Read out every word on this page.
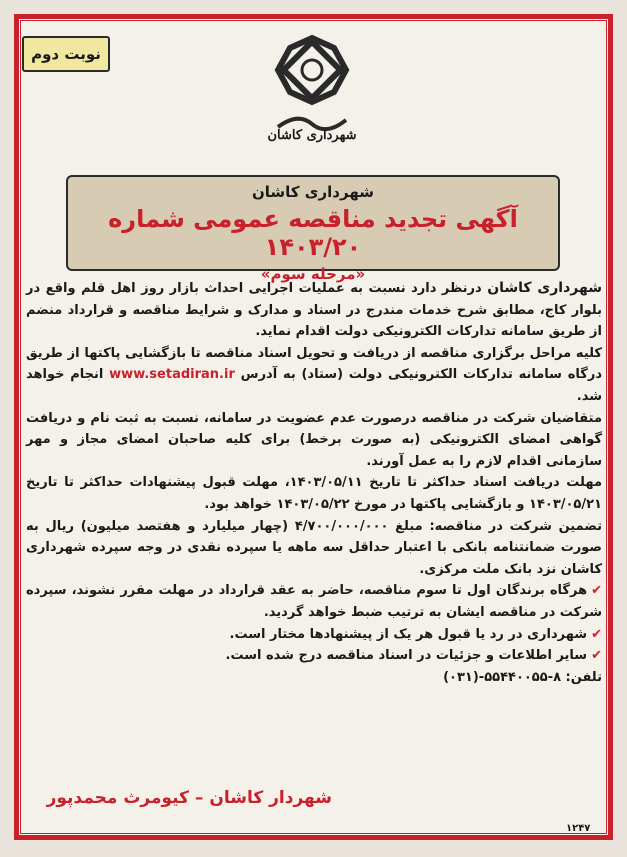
نوبت دوم
شهرداری کاشان
شهرداری کاشان
آگهی تجدید مناقصه عمومی شماره ۱۴۰۳/۲۰
«مرحله سوم»

شهرداری کاشان درنظر دارد نسبت به عملیات اجرایی احداث بازار روز اهل قلم واقع در بلوار کاج، مطابق شرح خدمات مندرج در اسناد و مدارک و شرایط مناقصه و قرارداد منضم از طریق سامانه تدارکات الکترونیکی دولت اقدام نماید.

کلیه مراحل برگزاری مناقصه از دریافت و تحویل اسناد مناقصه تا بازگشایی پاکتها از طریق درگاه سامانه تدارکات الکترونیکی دولت (ستاد) به آدرس www.setadiran.ir انجام خواهد شد.

متقاضیان شرکت در مناقصه درصورت عدم عضویت در سامانه، نسبت به ثبت نام و دریافت گواهی امضای الکترونیکی (به صورت برخط) برای کلیه صاحبان امضای مجاز و مهر سازمانی اقدام لازم را به عمل آورند.

مهلت دریافت اسناد حداکثر تا تاریخ ۱۴۰۳/۰۵/۱۱، مهلت قبول پیشنهادات حداکثر تا تاریخ ۱۴۰۳/۰۵/۲۱ و بازگشایی پاکتها در مورخ ۱۴۰۳/۰۵/۲۲ خواهد بود.

تضمین شرکت در مناقصه: مبلغ ۴/۷۰۰/۰۰۰/۰۰۰ (چهار میلیارد و هفتصد میلیون) ریال به صورت ضمانتنامه بانکی با اعتبار حداقل سه ماهه یا سپرده نقدی در وجه سپرده شهرداری کاشان نزد بانک ملت مرکزی.

✔هرگاه برندگان اول تا سوم مناقصه، حاضر به عقد قرارداد در مهلت مقرر نشوند، سپرده شرکت در مناقصه ایشان به ترتیب ضبط خواهد گردید.

✔شهرداری در رد یا قبول هر یک از پیشنهادها مختار است.

✔سایر اطلاعات و جزئیات در اسناد مناقصه درج شده است.

تلفن: ۸-۵۵۴۴۰۰۵۵-(۰۳۱)

شهردار کاشان – کیومرث محمدپور
۱۲۴۷
